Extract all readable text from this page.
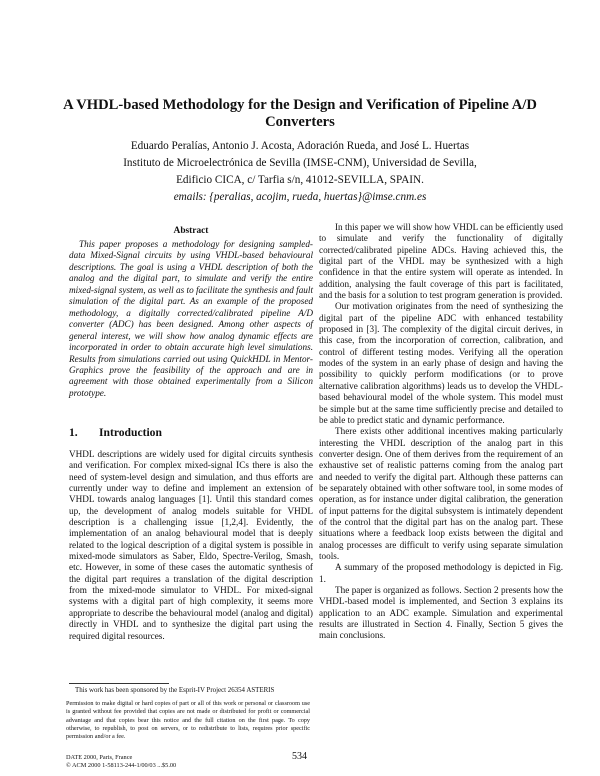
A VHDL-based Methodology for the Design and Verification of Pipeline A/D
Converters
Eduardo Peralías, Antonio J. Acosta, Adoración Rueda, and José L. Huertas
Instituto de Microelectrónica de Sevilla (IMSE-CNM), Universidad de Sevilla,
Edificio CICA, c/ Tarfia s/n, 41012-SEVILLA, SPAIN.
emails: {peralias, acojim, rueda, huertas}@imse.cnm.es
Abstract

This paper proposes a methodology for designing sampled-data Mixed-Signal circuits by using VHDL-based behavioural descriptions. The goal is using a VHDL description of both the analog and the digital part, to simulate and verify the entire mixed-signal system, as well as to facilitate the synthesis and fault simulation of the digital part. As an example of the proposed methodology, a digitally corrected/calibrated pipeline A/D converter (ADC) has been designed. Among other aspects of general interest, we will show how analog dynamic effects are incorporated in order to obtain accurate high level simulations. Results from simulations carried out using QuickHDL in Mentor-Graphics prove the feasibility of the approach and are in agreement with those obtained experimentally from a Silicon prototype.

1. Introduction

VHDL descriptions are widely used for digital circuits synthesis and verification. For complex mixed-signal ICs there is also the need of system-level design and simulation, and thus efforts are currently under way to define and implement an extension of VHDL towards analog languages [1]. Until this standard comes up, the development of analog models suitable for VHDL description is a challenging issue [1,2,4]. Evidently, the implementation of an analog behavioural model that is deeply related to the logical description of a digital system is possible in mixed-mode simulators as Saber, Eldo, Spectre-Verilog, Smash, etc. However, in some of these cases the automatic synthesis of the digital part requires a translation of the digital description from the mixed-mode simulator to VHDL. For mixed-signal systems with a digital part of high complexity, it seems more appropriate to describe the behavioural model (analog and digital) directly in VHDL and to synthesize the digital part using the required digital resources.

In this paper we will show how VHDL can be efficiently used to simulate and verify the functionality of digitally corrected/calibrated pipeline ADCs. Having achieved this, the digital part of the VHDL may be synthesized with a high confidence in that the entire system will operate as intended. In addition, analysing the fault coverage of this part is facilitated, and the basis for a solution to test program generation is provided.

Our motivation originates from the need of synthesizing the digital part of the pipeline ADC with enhanced testability proposed in [3]. The complexity of the digital circuit derives, in this case, from the incorporation of correction, calibration, and control of different testing modes. Verifying all the operation modes of the system in an early phase of design and having the possibility to quickly perform modifications (or to prove alternative calibration algorithms) leads us to develop the VHDL-based behavioural model of the whole system. This model must be simple but at the same time sufficiently precise and detailed to be able to predict static and dynamic performance.

There exists other additional incentives making particularly interesting the VHDL description of the analog part in this converter design. One of them derives from the requirement of an exhaustive set of realistic patterns coming from the analog part and needed to verify the digital part. Although these patterns can be separately obtained with other software tool, in some modes of operation, as for instance under digital calibration, the generation of input patterns for the digital subsystem is intimately dependent of the control that the digital part has on the analog part. These situations where a feedback loop exists between the digital and analog processes are difficult to verify using separate simulation tools.

A summary of the proposed methodology is depicted in Fig. 1.

The paper is organized as follows. Section 2 presents how the VHDL-based model is implemented, and Section 3 explains its application to an ADC example. Simulation and experimental results are illustrated in Section 4. Finally, Section 5 gives the main conclusions.

This work has been sponsored by the Esprit-IV Project 26354 ASTERIS

Permission to make digital or hard copies of part or all of this work or personal or classroom use is granted without fee provided that copies are not made or distributed for profit or commercial advantage and that copies bear this notice and the full citation on the first page. To copy otherwise, to republish, to post on servers, or to redistribute to lists, requires prior specific permission and/or a fee.

DATE 2000, Paris, France
© ACM 2000 1-58113-244-1/00/03 ...$5.00
534
